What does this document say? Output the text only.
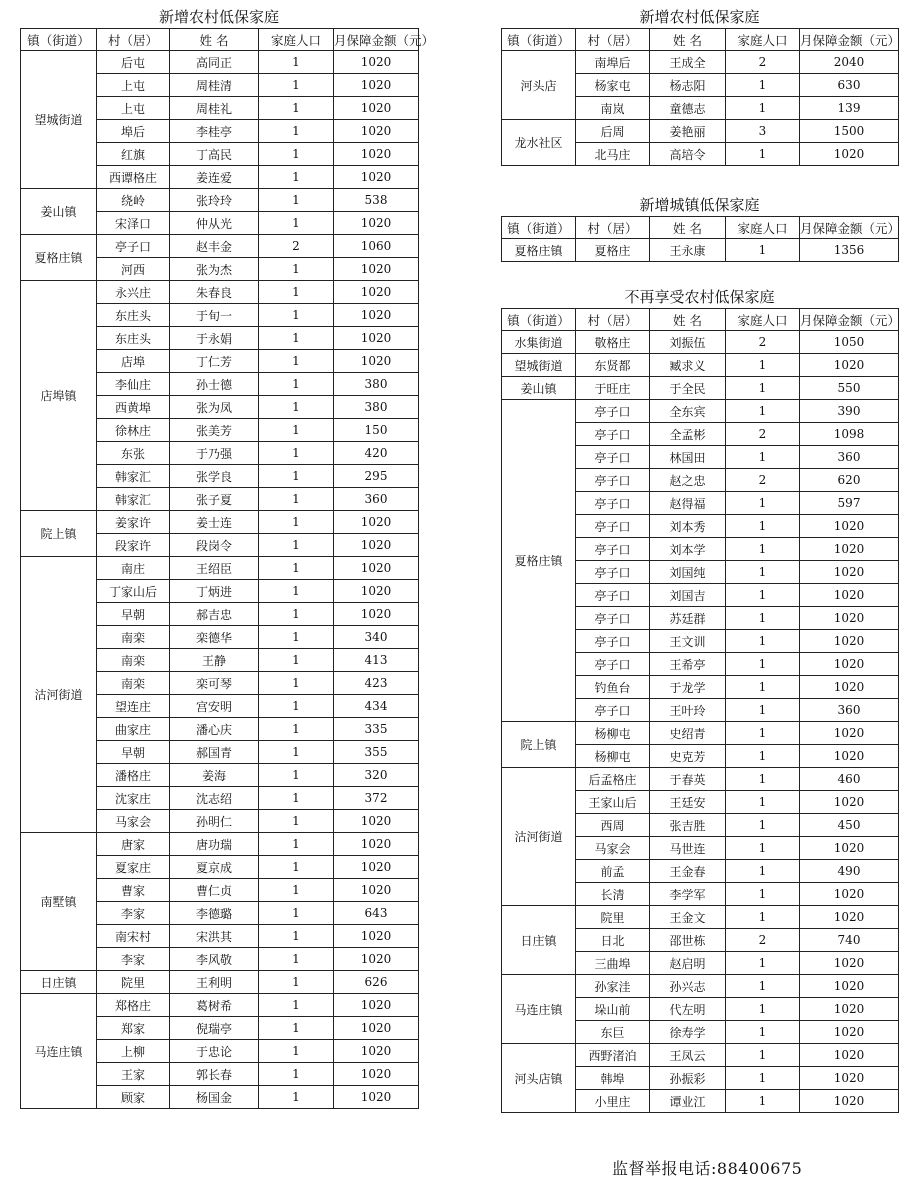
新增农村低保家庭
镇（街道）	村（居）	姓 名	家庭人口	月保障金额（元）
望城街道	后屯	高同正	1	1020
	上屯	周桂清	1	1020
	上屯	周桂礼	1	1020
	埠后	李桂亭	1	1020
	红旗	丁高民	1	1020
	西谭格庄	姜连爱	1	1020
姜山镇	绕岭	张玲玲	1	538
	宋泽口	仲从光	1	1020
夏格庄镇	亭子口	赵丰金	2	1060
	河西	张为杰	1	1020
店埠镇	永兴庄	朱春良	1	1020
	东庄头	于旬一	1	1020
	东庄头	于永娟	1	1020
	店埠	丁仁芳	1	1020
	李仙庄	孙士德	1	380
	西黄埠	张为凤	1	380
	徐林庄	张美芳	1	150
	东张	于乃强	1	420
	韩家汇	张学良	1	295
	韩家汇	张子夏	1	360
院上镇	姜家许	姜士连	1	1020
	段家许	段岗令	1	1020
沽河街道	南庄	王绍臣	1	1020
	丁家山后	丁炳进	1	1020
	早朝	郝吉忠	1	1020
	南栾	栾德华	1	340
	南栾	王静	1	413
	南栾	栾可琴	1	423
	望连庄	宫安明	1	434
	曲家庄	潘心庆	1	335
	早朝	郝国青	1	355
	潘格庄	姜海	1	320
	沈家庄	沈志绍	1	372
	马家会	孙明仁	1	1020
南墅镇	唐家	唐功瑞	1	1020
	夏家庄	夏京成	1	1020
	曹家	曹仁贞	1	1020
	李家	李德璐	1	643
	南宋村	宋洪其	1	1020
	李家	李风敬	1	1020
日庄镇	院里	王利明	1	626
马连庄镇	郑格庄	葛树希	1	1020
	郑家	倪瑞亭	1	1020
	上柳	于忠论	1	1020
	王家	郭长春	1	1020
	顾家	杨国金	1	1020
新增农村低保家庭
镇（街道）	村（居）	姓 名	家庭人口	月保障金额（元）
河头店	南埠后	王成全	2	2040
	杨家屯	杨志阳	1	630
	南岚	童德志	1	139
龙水社区	后周	姜艳丽	3	1500
	北马庄	高培令	1	1020
新增城镇低保家庭
镇（街道）	村（居）	姓 名	家庭人口	月保障金额（元）
夏格庄镇	夏格庄	王永康	1	1356
不再享受农村低保家庭
镇（街道）	村（居）	姓 名	家庭人口	月保障金额（元）
水集街道	敬格庄	刘振伍	2	1050
望城街道	东贤都	臧求义	1	1020
姜山镇	于旺庄	于全民	1	550
夏格庄镇	亭子口	全东宾	1	390
	亭子口	全孟彬	2	1098
	亭子口	林国田	1	360
	亭子口	赵之忠	2	620
	亭子口	赵得福	1	597
	亭子口	刘本秀	1	1020
	亭子口	刘本学	1	1020
	亭子口	刘国纯	1	1020
	亭子口	刘国吉	1	1020
	亭子口	苏廷群	1	1020
	亭子口	王文训	1	1020
	亭子口	王希亭	1	1020
	钓鱼台	于龙学	1	1020
	亭子口	王叶玲	1	360
院上镇	杨柳屯	史绍青	1	1020
	杨柳屯	史克芳	1	1020
沽河街道	后孟格庄	于春英	1	460
	王家山后	王廷安	1	1020
	西周	张吉胜	1	450
	马家会	马世连	1	1020
	前孟	王金春	1	490
	长清	李学军	1	1020
日庄镇	院里	王金文	1	1020
	日北	邵世栋	2	740
	三曲埠	赵启明	1	1020
马连庄镇	孙家洼	孙兴志	1	1020
	垛山前	代左明	1	1020
	东巨	徐寿学	1	1020
河头店镇	西野渚泊	王凤云	1	1020
	韩埠	孙振彩	1	1020
	小里庄	谭业江	1	1020
监督举报电话:88400675
